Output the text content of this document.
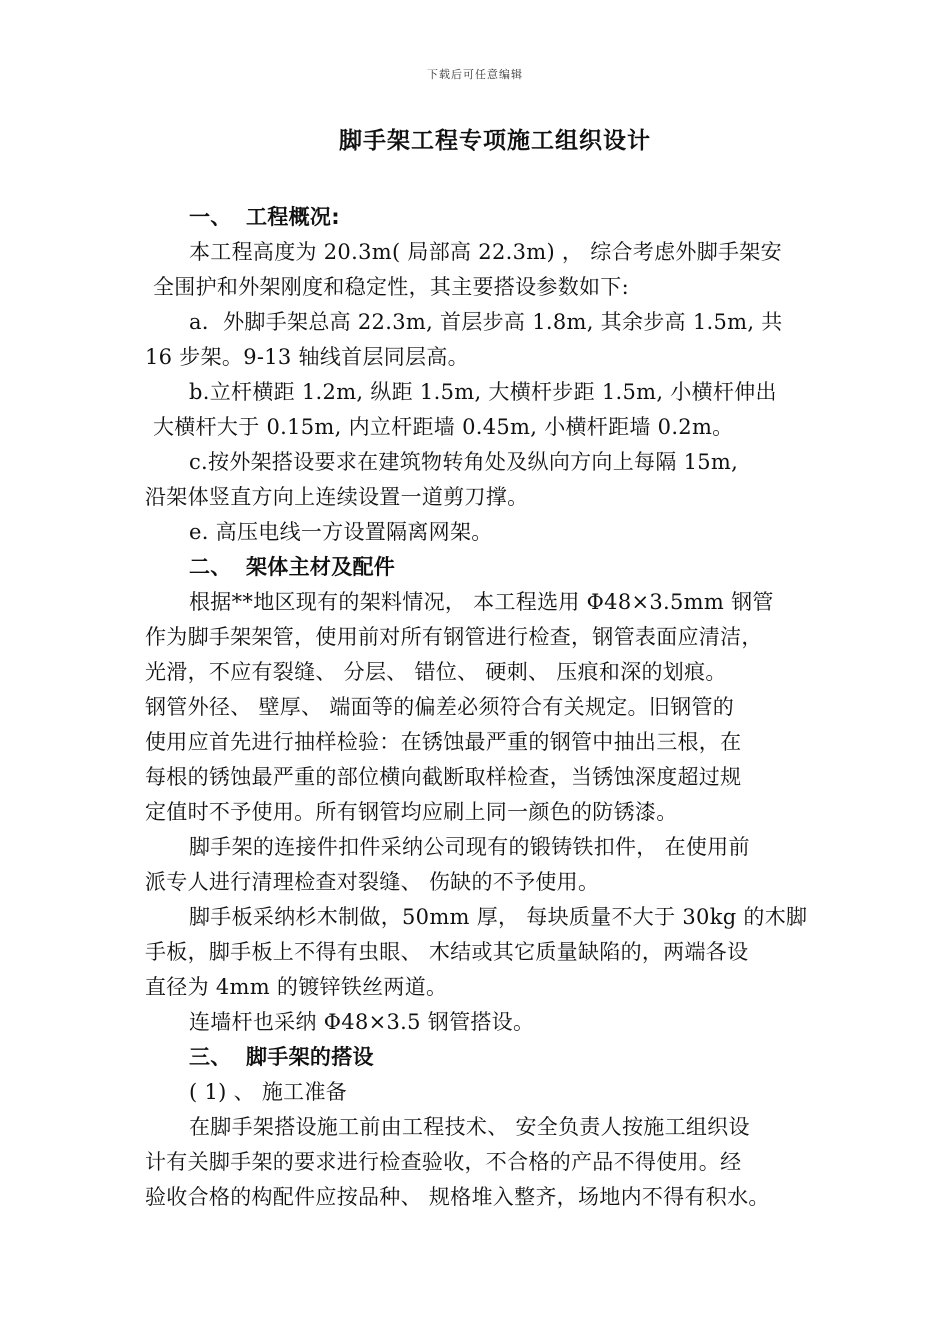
下载后可任意编辑
脚手架工程专项施工组织设计
一、 工程概况:
本工程高度为 20.3m( 局部高 22.3m) ， 综合考虑外脚手架安
全围护和外架刚度和稳定性，其主要搭设参数如下:
a．外脚手架总高 22.3m, 首层步高 1.8m, 其余步高 1.5m, 共
16 步架。9-13 轴线首层同层高。
b.立杆横距 1.2m, 纵距 1.5m, 大横杆步距 1.5m, 小横杆伸出
大横杆大于 0.15m, 内立杆距墙 0.45m, 小横杆距墙 0.2m。
c.按外架搭设要求在建筑物转角处及纵向方向上每隔 15m,
沿架体竖直方向上连续设置一道剪刀撑。
e. 高压电线一方设置隔离网架。
二、 架体主材及配件
根据**地区现有的架料情况， 本工程选用 Φ48×3.5mm 钢管
作为脚手架架管，使用前对所有钢管进行检查，钢管表面应清洁，
光滑，不应有裂缝、 分层、 错位、 硬刺、 压痕和深的划痕。
钢管外径、 壁厚、 端面等的偏差必须符合有关规定。旧钢管的
使用应首先进行抽样检验：在锈蚀最严重的钢管中抽出三根，在
每根的锈蚀最严重的部位横向截断取样检查，当锈蚀深度超过规
定值时不予使用。所有钢管均应刷上同一颜色的防锈漆。
脚手架的连接件扣件采纳公司现有的锻铸铁扣件， 在使用前
派专人进行清理检查对裂缝、 伤缺的不予使用。
脚手板采纳杉木制做，50mm 厚， 每块质量不大于 30kg 的木脚
手板，脚手板上不得有虫眼、 木结或其它质量缺陷的，两端各设
直径为 4mm 的镀锌铁丝两道。
连墙杆也采纳 Φ48×3.5 钢管搭设。
三、 脚手架的搭设
( 1) 、 施工准备
在脚手架搭设施工前由工程技术、 安全负责人按施工组织设
计有关脚手架的要求进行检查验收，不合格的产品不得使用。经
验收合格的构配件应按品种、 规格堆入整齐，场地内不得有积水。
